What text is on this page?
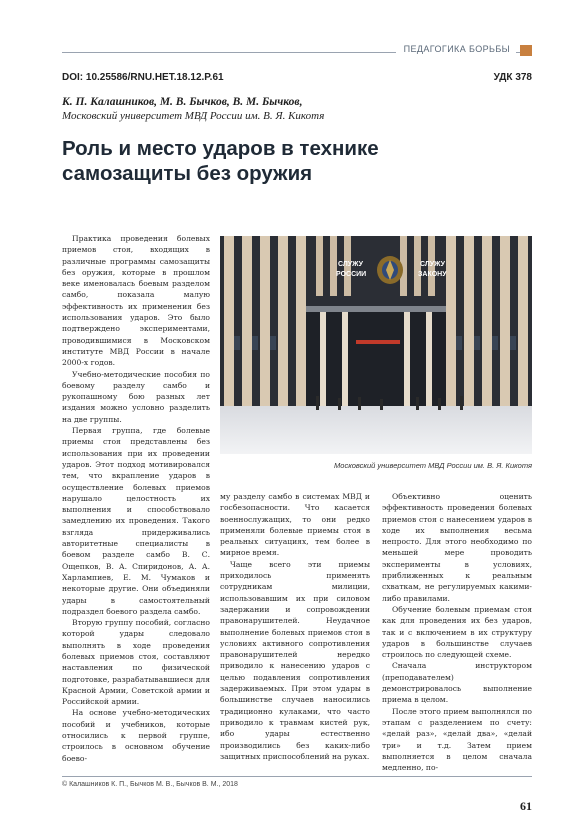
ПЕДАГОГИКА БОРЬБЫ
DOI: 10.25586/RNU.HET.18.12.P.61	УДК 378
К. П. Калашников, М. В. Бычков, В. М. Бычков,
Московский университет МВД России им. В. Я. Кикотя
Роль и место ударов в технике
самозащиты без оружия
СЛУЖУ
РОССИИ
СЛУЖУ
ЗАКОНУ
Московский университет МВД России им. В. Я. Кикотя

Практика проведения болевых приемов стоя, входящих в различные программы самозащиты без оружия, которые в прошлом веке именовалась боевым разделом самбо, показала малую эффективность их применения без использования ударов. Это было подтверждено экспериментами, проводившимися в Московском институте МВД России в начале 2000-х годов.

Учебно-методические пособия по боевому разделу самбо и рукопашному бою разных лет издания можно условно разделить на две группы.

Первая группа, где болевые приемы стоя представлены без использования при их проведении ударов. Этот подход мотивировался тем, что вкрапление ударов в осуществление болевых приемов нарушало целостность их выполнения и способствовало замедлению их проведения. Такого взгляда придерживались авторитетные специалисты в боевом разделе самбо В. С. Ощепков, В. А. Спиридонов, А. А. Харлампиев, Е. М. Чумаков и некоторые другие. Они объединяли удары в самостоятельный подраздел боевого раздела самбо.

Вторую группу пособий, согласно которой удары следовало выполнять в ходе проведения болевых приемов стоя, составляют наставления по физической подготовке, разрабатывавшиеся для Красной Армии, Советской армии и Российской армии.

На основе учебно-методических пособий и учебников, которые относились к первой группе, строилось в основном обучение боево-

му разделу самбо в системах МВД и госбезопасности. Что касается военнослужащих, то они редко применяли болевые приемы стоя в реальных ситуациях, тем более в мирное время.

Чаще всего эти приемы приходилось применять сотрудникам милиции, использовавшим их при силовом задержании и сопровождении правонарушителей. Неудачное выполнение болевых приемов стоя в условиях активного сопротивления правонарушителей нередко приводило к нанесению ударов с целью подавления сопротивления задерживаемых. При этом удары в большинстве случаев наносились традиционно кулаками, что часто приводило к травмам кистей рук, ибо удары естественно производились без каких-либо защитных приспособлений на руках.

Объективно оценить эффективность проведения болевых приемов стоя с нанесением ударов в ходе их выполнения весьма непросто. Для этого необходимо по меньшей мере проводить эксперименты в условиях, приближенных к реальным схваткам, не регулируемых какими-либо правилами.

Обучение болевым приемам стоя как для проведения их без ударов, так и с включением в их структуру ударов в большинстве случаев строилось по следующей схеме.

Сначала инструктором (преподавателем) демонстрировалось выполнение приема в целом.

После этого прием выполнялся по этапам с разделением по счету: «делай раз», «делай два», «делай три» и т.д. Затем прием выполняется в целом сначала медленно, по-

© Калашников К. П., Бычков М. В., Бычков В. М., 2018
61
